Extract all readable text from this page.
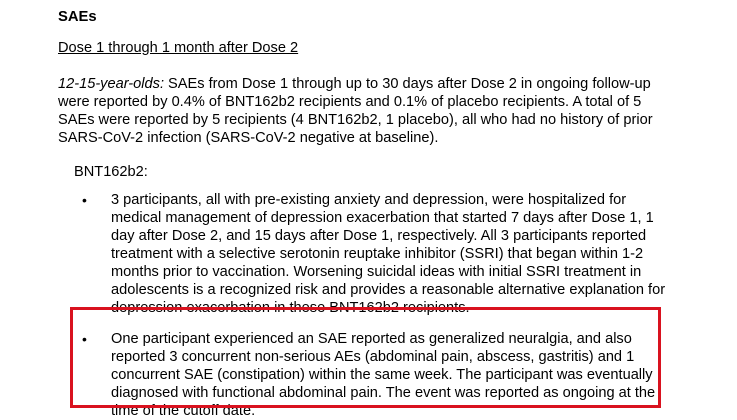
SAEs
Dose 1 through 1 month after Dose 2
12-15-year-olds: SAEs from Dose 1 through up to 30 days after Dose 2 in ongoing follow-up were reported by 0.4% of BNT162b2 recipients and 0.1% of placebo recipients. A total of 5 SAEs were reported by 5 recipients (4 BNT162b2, 1 placebo), all who had no history of prior SARS-CoV-2 infection (SARS-CoV-2 negative at baseline).
BNT162b2:
• 3 participants, all with pre-existing anxiety and depression, were hospitalized for medical management of depression exacerbation that started 7 days after Dose 1, 1 day after Dose 2, and 15 days after Dose 1, respectively. All 3 participants reported treatment with a selective serotonin reuptake inhibitor (SSRI) that began within 1-2 months prior to vaccination. Worsening suicidal ideas with initial SSRI treatment in adolescents is a recognized risk and provides a reasonable alternative explanation for depression exacerbation in these BNT162b2 recipients.
• One participant experienced an SAE reported as generalized neuralgia, and also reported 3 concurrent non-serious AEs (abdominal pain, abscess, gastritis) and 1 concurrent SAE (constipation) within the same week. The participant was eventually diagnosed with functional abdominal pain. The event was reported as ongoing at the time of the cutoff date.
